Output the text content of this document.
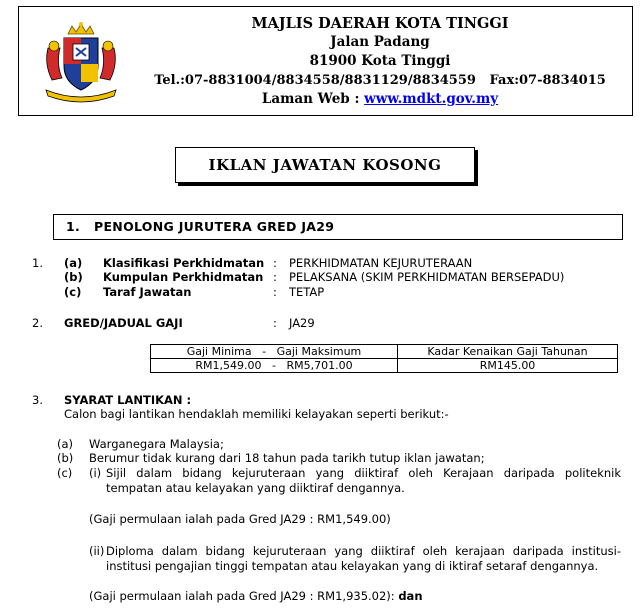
MAJLIS DAERAH KOTA TINGGI
Jalan Padang
81900 Kota Tinggi
Tel.:07-8831004/8834558/8831129/8834559   Fax:07-8834015
Laman Web : www.mdkt.gov.my
IKLAN JAWATAN KOSONG
1.   PENOLONG JURUTERA GRED JA29
1. (a) Klasifikasi Perkhidmatan : PERKHIDMATAN KEJURUTERAAN
(b) Kumpulan Perkhidmatan : PELAKSANA (SKIM PERKHIDMATAN BERSEPADU)
(c) Taraf Jawatan	: TETAP
2. GRED/JADUAL GAJI	: JA29
Gaji Minima   -   Gaji Maksimum	Kadar Kenaikan Gaji Tahunan
RM1,549.00   -   RM5,701.00	RM145.00
3. SYARAT LANTIKAN :
Calon bagi lantikan hendaklah memiliki kelayakan seperti berikut:-
(a) Warganegara Malaysia;
(b) Berumur tidak kurang dari 18 tahun pada tarikh tutup iklan jawatan;
(c) (i) Sijil dalam bidang kejuruteraan yang diiktiraf oleh Kerajaan daripada politeknik tempatan atau kelayakan yang diiktiraf dengannya.
(Gaji permulaan ialah pada Gred JA29 : RM1,549.00)
(ii) Diploma dalam bidang kejuruteraan yang diiktiraf oleh kerajaan daripada institusi-institusi pengajian tinggi tempatan atau kelayakan yang di iktiraf setaraf dengannya.
(Gaji permulaan ialah pada Gred JA29 : RM1,935.02): dan
